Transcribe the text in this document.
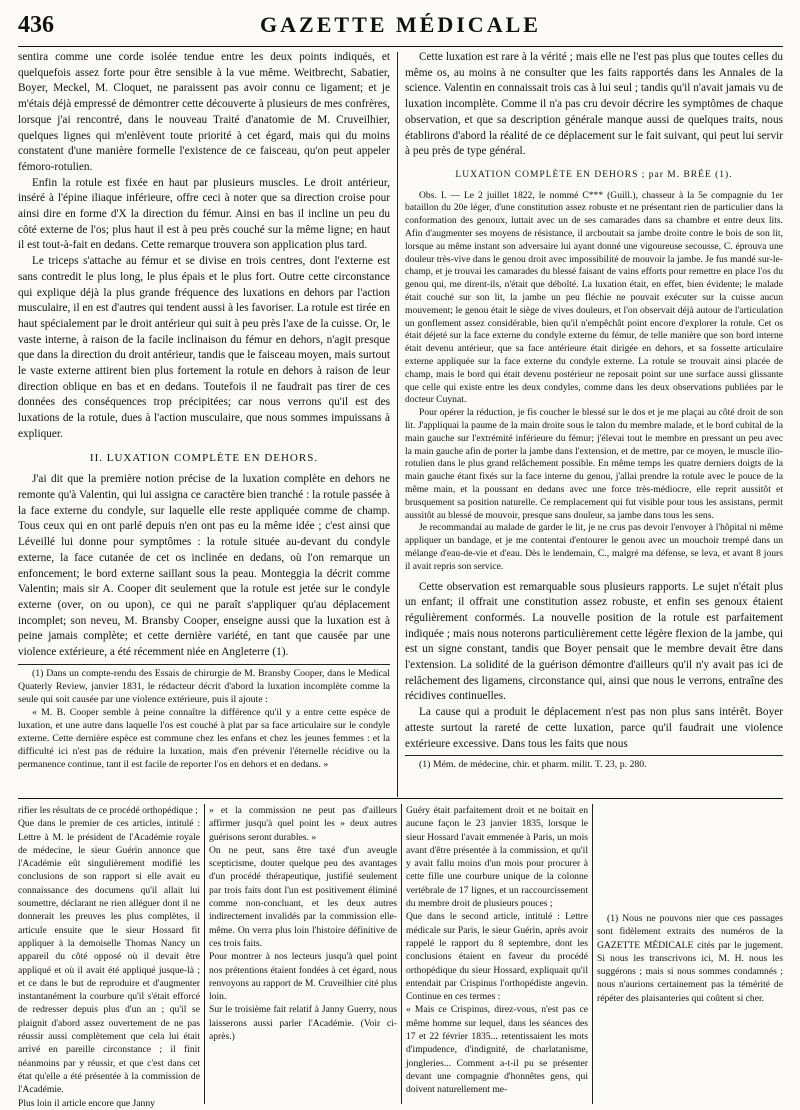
436	GAZETTE MÉDICALE

sentira comme une corde isolée tendue entre les deux points indiqués, et quelquefois assez forte pour être sensible à la vue même. Weitbrecht, Sabatier, Boyer, Meckel, M. Cloquet, ne paraissent pas avoir connu ce ligament; et je m'étais déjà empressé de démontrer cette découverte à plusieurs de mes confrères, lorsque j'ai rencontré, dans le nouveau Traité d'anatomie de M. Cruveilhier, quelques lignes qui m'enlèvent toute priorité à cet égard, mais qui du moins constatent d'une manière formelle l'existence de ce faisceau, qu'on peut appeler fémoro-rotulien.

Enfin la rotule est fixée en haut par plusieurs muscles. Le droit antérieur, inséré à l'épine iliaque inférieure, offre ceci à noter que sa direction croise pour ainsi dire en forme d'X la direction du fémur. Ainsi en bas il incline un peu du côté externe de l'os; plus haut il est à peu près couché sur la même ligne; en haut il est tout-à-fait en dedans. Cette remarque trouvera son application plus tard.

Le triceps s'attache au fémur et se divise en trois centres, dont l'externe est sans contredit le plus long, le plus épais et le plus fort. Outre cette circonstance qui explique déjà la plus grande fréquence des luxations en dehors par l'action musculaire, il en est d'autres qui tendent aussi à les favoriser. La rotule est tirée en haut spécialement par le droit antérieur qui suit à peu près l'axe de la cuisse. Or, le vaste interne, à raison de la facile inclinaison du fémur en dehors, n'agit presque que dans la direction du droit antérieur, tandis que le faisceau moyen, mais surtout le vaste externe attirent bien plus fortement la rotule en dehors à raison de leur direction oblique en bas et en dedans. Toutefois il ne faudrait pas tirer de ces données des conséquences trop précipitées; car nous verrons qu'il est des luxations de la rotule, dues à l'action musculaire, que nous sommes impuissans à expliquer.

II. LUXATION COMPLÈTE EN DEHORS.

J'ai dit que la première notion précise de la luxation complète en dehors ne remonte qu'à Valentin, qui lui assigna ce caractère bien tranché : la rotule passée à la face externe du condyle, sur laquelle elle reste appliquée comme de champ. Tous ceux qui en ont parlé depuis n'en ont pas eu la même idée ; c'est ainsi que Léveillé lui donne pour symptômes : la rotule située au-devant du condyle externe, la face cutanée de cet os inclinée en dedans, où l'on remarque un enfoncement; le bord externe saillant sous la peau. Monteggia la décrit comme Valentin; mais sir A. Cooper dit seulement que la rotule est jetée sur le condyle externe (over, on ou upon), ce qui ne paraît s'appliquer qu'au déplacement incomplet; son neveu, M. Bransby Cooper, enseigne aussi que la luxation est à peine jamais complète; et cette dernière variété, en tant que causée par une violence extérieure, a été récemment niée en Angleterre (1).

(1) Dans un compte-rendu des Essais de chirurgie de M. Bransby Cooper, dans le Medical Quaterly Review, janvier 1831, le rédacteur décrit d'abord la luxation incomplète comme la seule qui soit causée par une violence extérieure, puis il ajoute :

« M. B. Cooper semble à peine connaître la différence qu'il y a entre cette espèce de luxation, et une autre dans laquelle l'os est couché à plat par sa face articulaire sur le condyle externe. Cette dernière espèce est commune chez les enfans et chez les jeunes femmes : et la difficulté ici n'est pas de réduire la luxation, mais d'en prévenir l'éternelle récidive ou la permanence continue, tant il est facile de reporter l'os en dehors et en dedans. »

Cette luxation est rare à la vérité ; mais elle ne l'est pas plus que toutes celles du même os, au moins à ne consulter que les faits rapportés dans les Annales de la science. Valentin en connaissait trois cas à lui seul ; tandis qu'il n'avait jamais vu de luxation incomplète. Comme il n'a pas cru devoir décrire les symptômes de chaque observation, et que sa description générale manque aussi de quelques traits, nous établirons d'abord la réalité de ce déplacement sur le fait suivant, qui peut lui servir à peu près de type général.

LUXATION COMPLÈTE EN DEHORS ; par M. BRÉE (1).

Obs. I. — Le 2 juillet 1822, le nommé C*** (Guill.), chasseur à la 5e compagnie du 1er bataillon du 20e léger, d'une constitution assez robuste et ne présentant rien de particulier dans la conformation des genoux, luttait avec un de ses camarades dans sa chambre et entre deux lits. Afin d'augmenter ses moyens de résistance, il arcboutait sa jambe droite contre le bois de son lit, lorsque au même instant son adversaire lui ayant donné une vigoureuse secousse, C. éprouva une douleur très-vive dans le genou droit avec impossibilité de mouvoir la jambe. Je fus mandé sur-le-champ, et je trouvai les camarades du blessé faisant de vains efforts pour remettre en place l'os du genou qui, me dirent-ils, n'était que déboîté. La luxation était, en effet, bien évidente; le malade était couché sur son lit, la jambe un peu fléchie ne pouvait exécuter sur la cuisse aucun mouvement; le genou était le siège de vives douleurs, et l'on observait déjà autour de l'articulation un gonflement assez considérable, bien qu'il n'empêchât point encore d'explorer la rotule. Cet os était déjeté sur la face externe du condyle externe du fémur, de telle manière que son bord interne était devenu antérieur, que sa face antérieure était dirigée en dehors, et sa fossette articulaire externe appliquée sur la face externe du condyle externe. La rotule se trouvait ainsi placée de champ, mais le bord qui était devenu postérieur ne reposait point sur une surface aussi glissante que celle qui existe entre les deux condyles, comme dans les deux observations publiées par le docteur Cuynat.

Pour opérer la réduction, je fis coucher le blessé sur le dos et je me plaçai au côté droit de son lit. J'appliquai la paume de la main droite sous le talon du membre malade, et le bord cubital de la main gauche sur l'extrémité inférieure du fémur; j'élevai tout le membre en pressant un peu avec la main gauche afin de porter la jambe dans l'extension, et de mettre, par ce moyen, le muscle ilio-rotulien dans le plus grand relâchement possible. En même temps les quatre derniers doigts de la main gauche étant fixés sur la face interne du genou, j'allai prendre la rotule avec le pouce de la même main, et la poussant en dedans avec une force très-médiocre, elle reprit aussitôt et brusquement sa position naturelle. Ce remplacement qui fut visible pour tous les assistans, permit aussitôt au blessé de mouvoir, presque sans douleur, sa jambe dans tous les sens.

Je recommandai au malade de garder le lit, je ne crus pas devoir l'envoyer à l'hôpital ni même appliquer un bandage, et je me contentai d'entourer le genou avec un mouchoir trempé dans un mélange d'eau-de-vie et d'eau. Dès le lendemain, C., malgré ma défense, se leva, et avant 8 jours il avait repris son service.

Cette observation est remarquable sous plusieurs rapports. Le sujet n'était plus un enfant; il offrait une constitution assez robuste, et enfin ses genoux étaient régulièrement conformés. La nouvelle position de la rotule est parfaitement indiquée ; mais nous noterons particulièrement cette légère flexion de la jambe, qui est un signe constant, tandis que Boyer pensait que le membre devait être dans l'extension. La solidité de la guérison démontre d'ailleurs qu'il n'y avait pas ici de relâchement des ligamens, circonstance qui, ainsi que nous le verrons, entraîne des récidives continuelles.

La cause qui a produit le déplacement n'est pas non plus sans intérêt. Boyer atteste surtout la rareté de cette luxation, parce qu'il faudrait une violence extérieure excessive. Dans tous les faits que nous

(1) Mém. de médecine, chir. et pharm. milit. T. 23, p. 280.

rifier les résultats de ce procédé orthopédique ;
Que dans le premier de ces articles, intitulé : Lettre à M. le président de l'Académie royale de médecine, le sieur Guérin annonce que l'Académie eût singulièrement modifié les conclusions de son rapport si elle avait eu connaissance des documens qu'il allait lui soumettre, déclarant ne rien alléguer dont il ne donnerait les preuves les plus complètes, il articule ensuite que le sieur Hossard fit appliquer à la demoiselle Thomas Nancy un appareil du côté opposé où il devait être appliqué et où il avait été appliqué jusque-là ; et ce dans le but de reproduire et d'augmenter instantanément la courbure qu'il s'était efforcé de redresser depuis plus d'un an ; qu'il se plaignit d'abord assez ouvertement de ne pas réussir aussi complètement que cela lui était arrivé en pareille circonstance ; il finit néanmoins par y réussir, et que c'est dans cet état qu'elle a été présentée à la commission de l'Académie.
Plus loin il article encore que Janny
» et la commission ne peut pas d'ailleurs affirmer jusqu'à quel point les » deux autres guérisons seront durables. »
On ne peut, sans être taxé d'un aveugle scepticisme, douter quelque peu des avantages d'un procédé thérapeutique, justifié seulement par trois faits dont l'un est positivement éliminé comme non-concluant, et les deux autres indirectement invalidés par la commission elle-même. On verra plus loin l'histoire définitive de ces trois faits.
Pour montrer à nos lecteurs jusqu'à quel point nos prétentions étaient fondées à cet égard, nous renvoyons au rapport de M. Cruveilhier cité plus loin.
Sur le troisième fait relatif à Janny Guerry, nous laisserons aussi parler l'Académie. (Voir ci-après.)
Guéry était parfaitement droit et ne boitait en aucune façon le 23 janvier 1835, lorsque le sieur Hossard l'avait emmenée à Paris, un mois avant d'être présentée à la commission, et qu'il y avait fallu moins d'un mois pour procurer à cette fille une courbure unique de la colonne vertébrale de 17 lignes, et un raccourcissement du membre droit de plusieurs pouces ;
Que dans le second article, intitulé : Lettre médicale sur Paris, le sieur Guérin, après avoir rappelé le rapport du 8 septembre, dont les conclusions étaient en faveur du procédé orthopédique du sieur Hossard, expliquait qu'il entendait par Crispinus l'orthopédiste angevin. Continue en ces termes :
« Mais ce Crispinus, direz-vous, n'est pas ce même homme sur lequel, dans les séances des 17 et 22 février 1835... retentissaient les mots d'impudence, d'indignité, de charlatanisme, jongleries... Comment a-t-il pu se présenter devant une compagnie d'honnêtes gens, qui doivent naturellement me-

(1) Nous ne pouvons nier que ces passages sont fidèlement extraits des numéros de la GAZETTE MÉDICALE cités par le jugement. Si nous les transcrivons ici, M. H. nous les suggérons ; mais si nous sommes condamnés ; nous n'aurions certainement pas la témérité de répéter des plaisanteries qui coûtent si cher.
